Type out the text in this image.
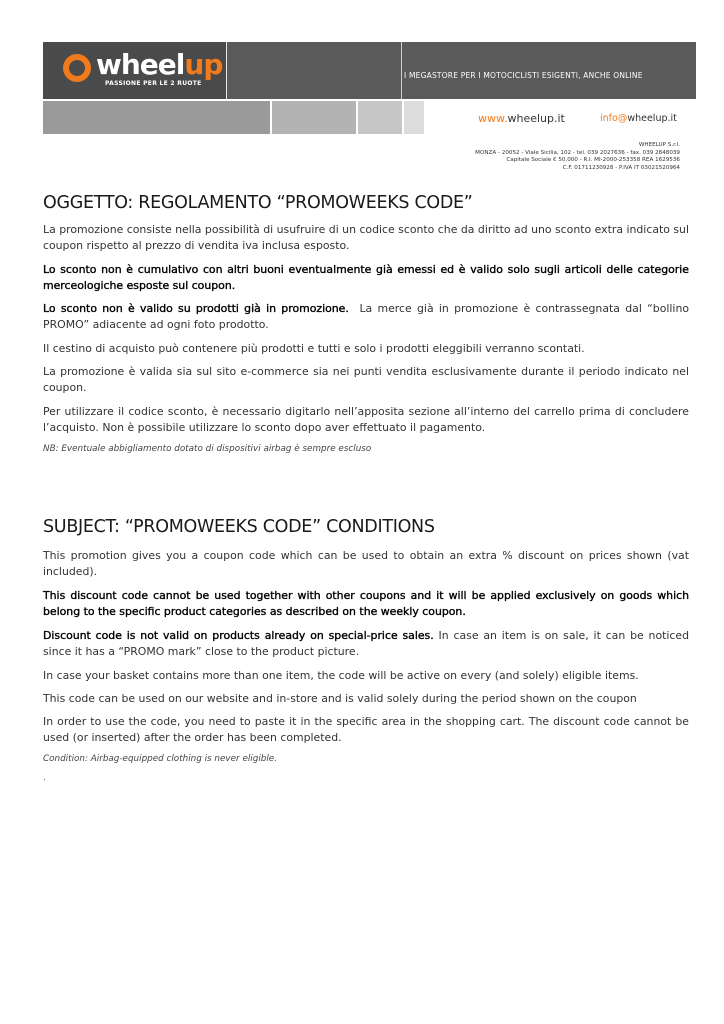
wheelup
PASSIONE PER LE 2 RUOTE
I MEGASTORE PER I MOTOCICLISTI ESIGENTI, ANCHE ONLINE
www.wheelup.it	info@wheelup.it
WHEELUP S.r.l.
MONZA - 20052 - Viale Sicilia, 102 - tel. 039 2027636 - fax. 039 2848039
Capitale Sociale € 50.000 - R.I. MI-2000-253358 REA 1629536
C.F. 01711230928 - P.IVA IT 03021520964
OGGETTO: REGOLAMENTO “PROMOWEEKS CODE”

La promozione consiste nella possibilità di usufruire di un codice sconto che da diritto ad uno sconto extra indicato sul coupon rispetto al prezzo di vendita iva inclusa esposto.

Lo sconto non è cumulativo con altri buoni eventualmente già emessi ed è valido solo sugli articoli delle categorie merceologiche esposte sul coupon.

Lo sconto non è valido su prodotti già in promozione. La merce già in promozione è contrassegnata dal “bollino PROMO” adiacente ad ogni foto prodotto.

Il cestino di acquisto può contenere più prodotti e tutti e solo i prodotti eleggibili verranno scontati.

La promozione è valida sia sul sito e-commerce sia nei punti vendita esclusivamente durante il periodo indicato nel coupon.

Per utilizzare il codice sconto, è necessario digitarlo nell’apposita sezione all’interno del carrello prima di concludere l’acquisto. Non è possibile utilizzare lo sconto dopo aver effettuato il pagamento.

NB: Eventuale abbigliamento dotato di dispositivi airbag è sempre escluso
SUBJECT: “PROMOWEEKS CODE” CONDITIONS

This promotion gives you a coupon code which can be used to obtain an extra % discount on prices shown (vat included).

This discount code cannot be used together with other coupons and it will be applied exclusively on goods which belong to the specific product categories as described on the weekly coupon.

Discount code is not valid on products already on special-price sales. In case an item is on sale, it can be noticed since it has a “PROMO mark” close to the product picture.

In case your basket contains more than one item, the code will be active on every (and solely) eligible items.

This code can be used on our website and in-store and is valid solely during the period shown on the coupon

In order to use the code, you need to paste it in the specific area in the shopping cart. The discount code cannot be used (or inserted) after the order has been completed.

Condition: Airbag-equipped clothing is never eligible.
.
